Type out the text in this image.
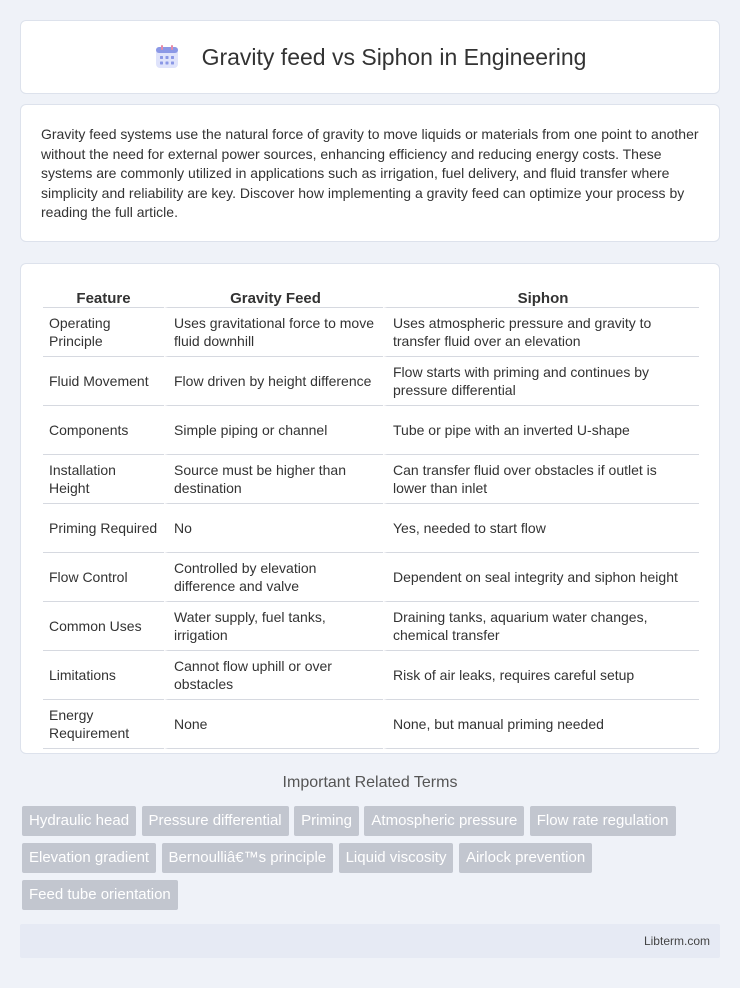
Gravity feed vs Siphon in Engineering

Gravity feed systems use the natural force of gravity to move liquids or materials from one point to another without the need for external power sources, enhancing efficiency and reducing energy costs. These systems are commonly utilized in applications such as irrigation, fuel delivery, and fluid transfer where simplicity and reliability are key. Discover how implementing a gravity feed can optimize your process by reading the full article.

Feature	Gravity Feed	Siphon
Operating Principle	Uses gravitational force to move fluid downhill	Uses atmospheric pressure and gravity to transfer fluid over an elevation
Fluid Movement	Flow driven by height difference	Flow starts with priming and continues by pressure differential
Components	Simple piping or channel	Tube or pipe with an inverted U-shape
Installation Height	Source must be higher than destination	Can transfer fluid over obstacles if outlet is lower than inlet
Priming Required	No	Yes, needed to start flow
Flow Control	Controlled by elevation difference and valve	Dependent on seal integrity and siphon height
Common Uses	Water supply, fuel tanks, irrigation	Draining tanks, aquarium water changes, chemical transfer
Limitations	Cannot flow uphill or over obstacles	Risk of air leaks, requires careful setup
Energy Requirement	None	None, but manual priming needed
Important Related Terms
Hydraulic head Pressure differential Priming Atmospheric pressure Flow rate regulation Elevation gradient Bernoulliâ€™s principle Liquid viscosity Airlock prevention Feed tube orientation
Libterm.com
